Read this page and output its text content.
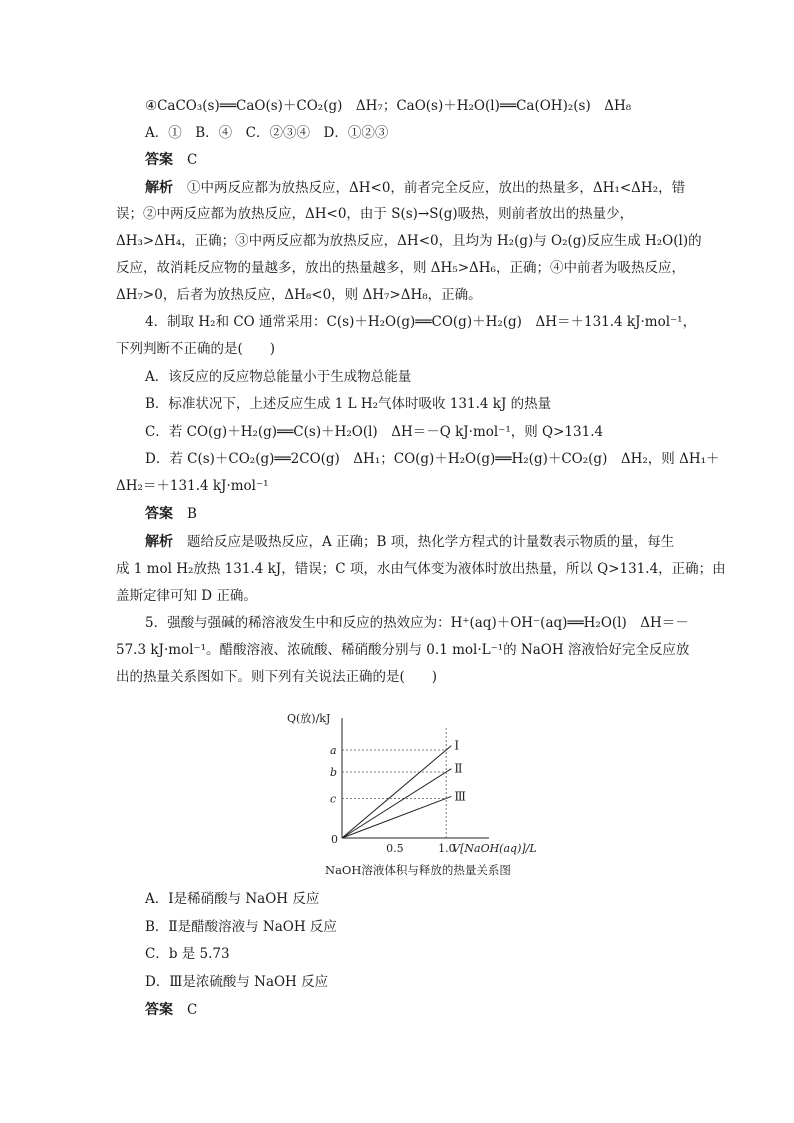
④CaCO₃(s)══CaO(s)＋CO₂(g)　ΔH₇；CaO(s)＋H₂O(l)══Ca(OH)₂(s)　ΔH₈
A．①　B．④　C．②③④　D．①②③
答案 C
解析 ①中两反应都为放热反应，ΔH<0，前者完全反应，放出的热量多，ΔH₁<ΔH₂，错
误；②中两反应都为放热反应，ΔH<0，由于 S(s)→S(g)吸热，则前者放出的热量少，
ΔH₃>ΔH₄，正确；③中两反应都为放热反应，ΔH<0，且均为 H₂(g)与 O₂(g)反应生成 H₂O(l)的
反应，故消耗反应物的量越多，放出的热量越多，则 ΔH₅>ΔH₆，正确；④中前者为吸热反应，
ΔH₇>0，后者为放热反应，ΔH₈<0，则 ΔH₇>ΔH₈，正确。
4．制取 H₂和 CO 通常采用：C(s)＋H₂O(g)══CO(g)＋H₂(g)　ΔH＝＋131.4 kJ·mol⁻¹，
下列判断不正确的是(　　)
A．该反应的反应物总能量小于生成物总能量
B．标准状况下，上述反应生成 1 L H₂气体时吸收 131.4 kJ 的热量
C．若 CO(g)＋H₂(g)══C(s)＋H₂O(l)　ΔH＝－Q kJ·mol⁻¹，则 Q>131.4
D．若 C(s)＋CO₂(g)══2CO(g)　ΔH₁；CO(g)＋H₂O(g)══H₂(g)＋CO₂(g)　ΔH₂，则 ΔH₁＋
ΔH₂＝＋131.4 kJ·mol⁻¹
答案 B
解析 题给反应是吸热反应，A 正确；B 项，热化学方程式的计量数表示物质的量，每生
成 1 mol H₂放热 131.4 kJ，错误；C 项，水由气体变为液体时放出热量，所以 Q>131.4，正确；由
盖斯定律可知 D 正确。
5．强酸与强碱的稀溶液发生中和反应的热效应为：H⁺(aq)＋OH⁻(aq)══H₂O(l)　ΔH＝－
57.3 kJ·mol⁻¹。醋酸溶液、浓硫酸、稀硝酸分别与 0.1 mol·L⁻¹的 NaOH 溶液恰好完全反应放
出的热量关系图如下。则下列有关说法正确的是(　　)
Q(放)/kJ
V[NaOH(aq)]/L
0
0.5	1.0
Ⅰ
a
Ⅱ
b
Ⅲ
c
NaOH溶液体积与释放的热量关系图
A．Ⅰ是稀硝酸与 NaOH 反应
B．Ⅱ是醋酸溶液与 NaOH 反应
C．b 是 5.73
D．Ⅲ是浓硫酸与 NaOH 反应
答案 C
